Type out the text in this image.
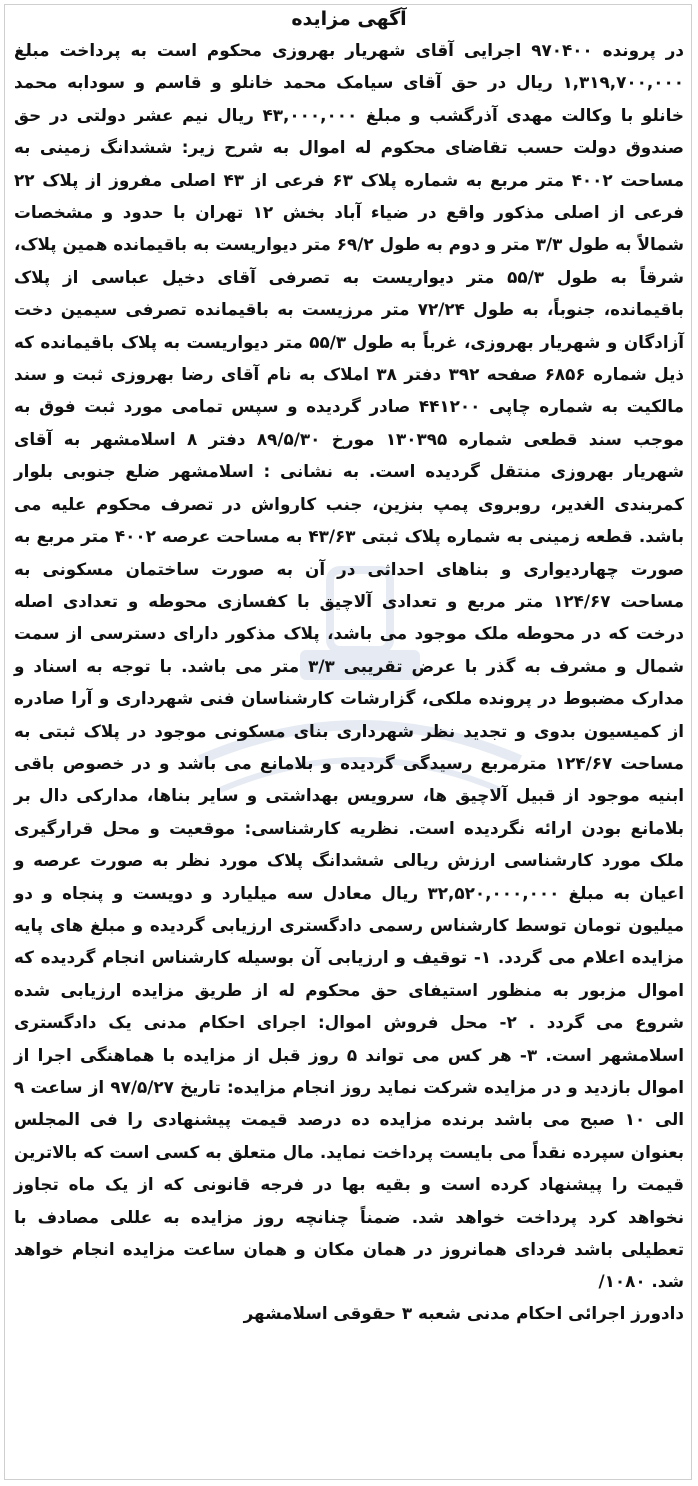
آگهی مزایده

در پرونده ۹۷۰۴۰۰ اجرایی آقای شهریار بهروزی محکوم است به پرداخت مبلغ ۱,۳۱۹,۷۰۰,۰۰۰ ریال در حق آقای سیامک محمد خانلو و قاسم و سودابه محمد خانلو با وکالت مهدی آذرگشب و مبلغ ۴۳,۰۰۰,۰۰۰ ریال نیم عشر دولتی در حق صندوق دولت حسب تقاضای محکوم له اموال به شرح زیر: ششدانگ زمینی به مساحت ۴۰۰۲ متر مربع به شماره پلاک ۶۳ فرعی از ۴۳ اصلی مفروز از پلاک ۲۲ فرعی از اصلی مذکور واقع در ضیاء آباد بخش ۱۲ تهران با حدود و مشخصات شمالاً به طول ۳/۳ متر و دوم به طول ۶۹/۲ متر دیواریست به باقیمانده همین پلاک، شرقاً به طول ۵۵/۳ متر دیواریست به تصرفی آقای دخیل عباسی از پلاک باقیمانده، جنوباً، به طول ۷۲/۲۴ متر مرزیست به باقیمانده تصرفی سیمین دخت آزادگان و شهریار بهروزی، غرباً به طول ۵۵/۳ متر دیواریست به پلاک باقیمانده که ذیل شماره ۶۸۵۶ صفحه ۳۹۲ دفتر ۳۸ املاک به نام آقای رضا بهروزی ثبت و سند مالکیت به شماره چاپی ۴۴۱۲۰۰ صادر گردیده و سپس تمامی مورد ثبت فوق به موجب سند قطعی شماره ۱۳۰۳۹۵ مورخ ۸۹/۵/۳۰ دفتر ۸ اسلامشهر به آقای شهریار بهروزی منتقل گردیده است. به نشانی : اسلامشهر ضلع جنوبی بلوار کمربندی الغدیر، روبروی پمپ بنزین، جنب کارواش در تصرف محکوم علیه می باشد. قطعه زمینی به شماره پلاک ثبتی ۴۳/۶۳ به مساحت عرصه ۴۰۰۲ متر مربع به صورت چهاردیواری و بناهای احداثی در آن به صورت ساختمان مسکونی به مساحت ۱۲۴/۶۷ متر مربع و تعدادی آلاچیق با کفسازی محوطه و تعدادی اصله درخت که در محوطه ملک موجود می باشد، پلاک مذکور دارای دسترسی از سمت شمال و مشرف به گذر با عرض تقریبی ۳/۳ متر می باشد. با توجه به اسناد و مدارک مضبوط در پرونده ملکی، گزارشات کارشناسان فنی شهرداری و آرا صادره از کمیسیون بدوی و تجدید نظر شهرداری بنای مسکونی موجود در پلاک ثبتی به مساحت ۱۲۴/۶۷ مترمربع رسیدگی گردیده و بلامانع می باشد و در خصوص باقی ابنیه موجود از قبیل آلاچیق ها، سرویس بهداشتی و سایر بناها، مدارکی دال بر بلامانع بودن ارائه نگردیده است. نظریه کارشناسی: موقعیت و محل قرارگیری ملک مورد کارشناسی ارزش ریالی ششدانگ پلاک مورد نظر به صورت عرصه و اعیان به مبلغ ۳۲,۵۲۰,۰۰۰,۰۰۰ ریال معادل سه میلیارد و دویست و پنجاه و دو میلیون تومان توسط کارشناس رسمی دادگستری ارزیابی گردیده و مبلغ های پایه مزایده اعلام می گردد. ۱- توقیف و ارزیابی آن بوسیله کارشناس انجام گردیده که اموال مزبور به منظور استیفای حق محکوم له از طریق مزایده ارزیابی شده شروع می گردد . ۲- محل فروش اموال: اجرای احکام مدنی یک دادگستری اسلامشهر است. ۳- هر کس می تواند ۵ روز قبل از مزایده با هماهنگی اجرا از اموال بازدید و در مزایده شرکت نماید روز انجام مزایده: تاریخ ۹۷/۵/۲۷ از ساعت ۹ الی ۱۰ صبح می باشد برنده مزایده ده درصد قیمت پیشنهادی را فی المجلس بعنوان سپرده نقداً می بایست پرداخت نماید. مال متعلق به کسی است که بالاترین قیمت را پیشنهاد کرده است و بقیه بها در فرجه قانونی که از یک ماه تجاوز نخواهد کرد پرداخت خواهد شد. ضمناً چنانچه روز مزایده به عللی مصادف با تعطیلی باشد فردای همانروز در همان مکان و همان ساعت مزایده انجام خواهد شد. ۱۰۸۰/

دادورز اجرائی احکام مدنی شعبه ۳ حقوقی اسلامشهر
